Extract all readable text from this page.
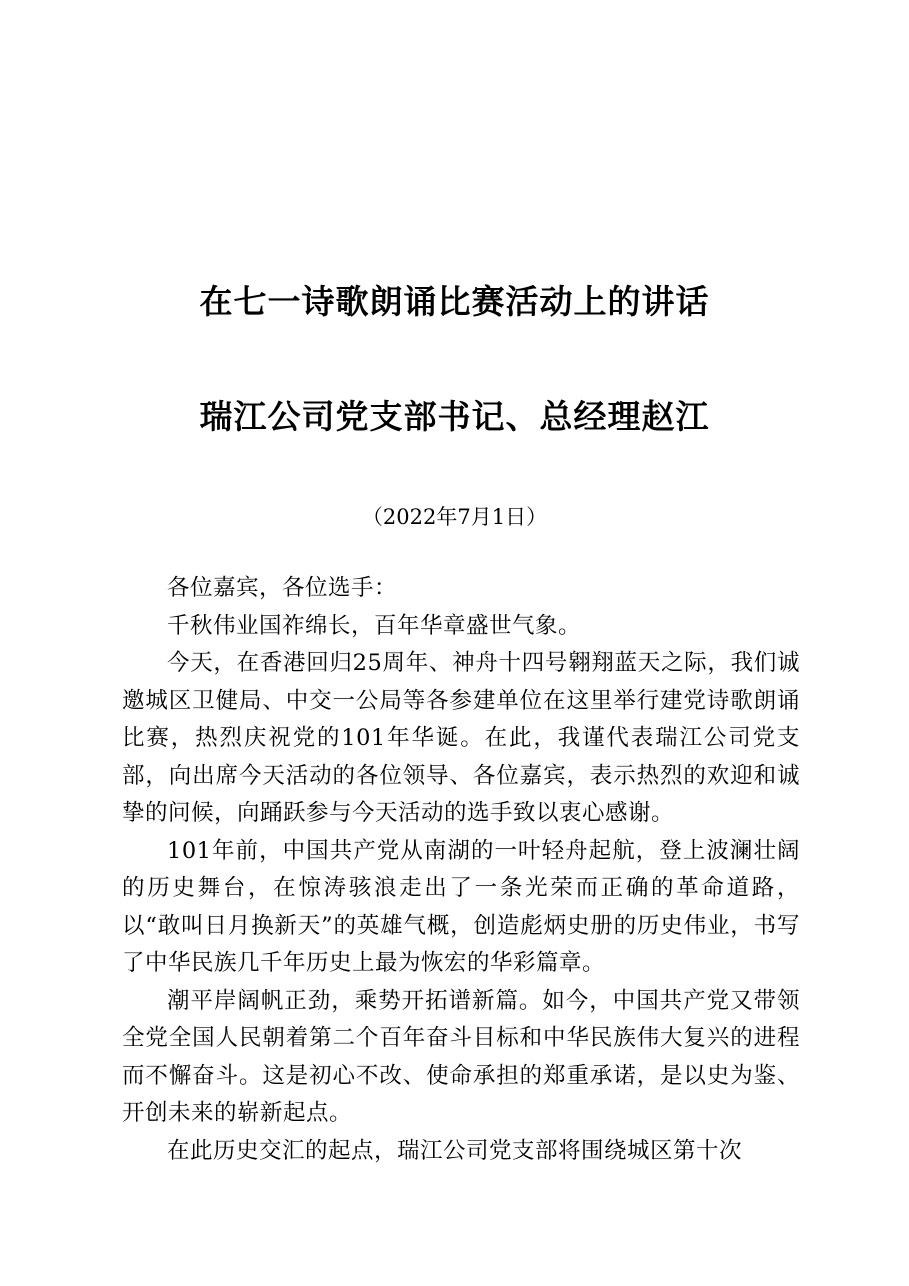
在七一诗歌朗诵比赛活动上的讲话
瑞江公司党支部书记、总经理赵江
（2022年7月1日）

各位嘉宾，各位选手：

千秋伟业国祚绵长，百年华章盛世气象。

今天，在香港回归25周年、神舟十四号翱翔蓝天之际，我们诚邀城区卫健局、中交一公局等各参建单位在这里举行建党诗歌朗诵比赛，热烈庆祝党的101年华诞。在此，我谨代表瑞江公司党支部，向出席今天活动的各位领导、各位嘉宾，表示热烈的欢迎和诚挚的问候，向踊跃参与今天活动的选手致以衷心感谢。

101年前，中国共产党从南湖的一叶轻舟起航，登上波澜壮阔的历史舞台，在惊涛骇浪走出了一条光荣而正确的革命道路，以“敢叫日月换新天”的英雄气概，创造彪炳史册的历史伟业，书写了中华民族几千年历史上最为恢宏的华彩篇章。

潮平岸阔帆正劲，乘势开拓谱新篇。如今，中国共产党又带领全党全国人民朝着第二个百年奋斗目标和中华民族伟大复兴的进程而不懈奋斗。这是初心不改、使命承担的郑重承诺，是以史为鉴、开创未来的崭新起点。

在此历史交汇的起点，瑞江公司党支部将围绕城区第十次
